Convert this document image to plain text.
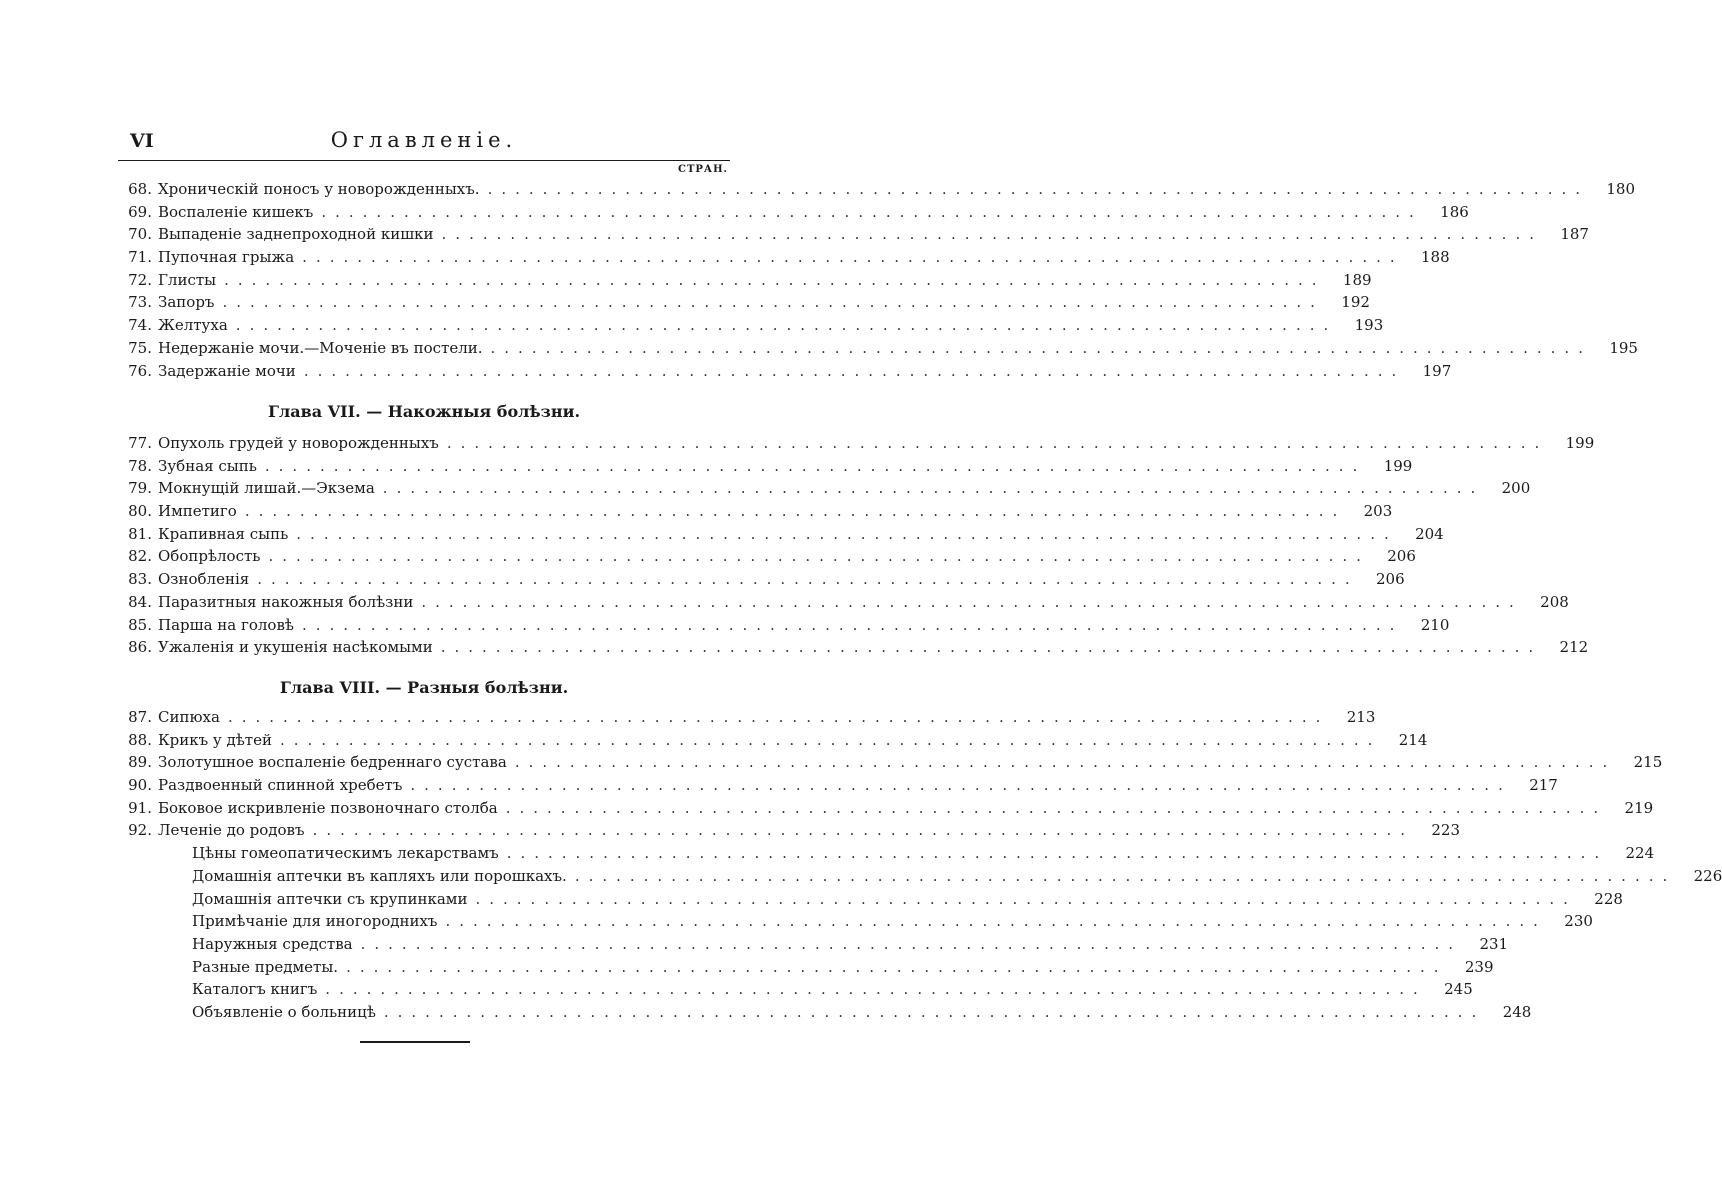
VI	Оглавленіе.
СТРАН.
68. Хроническій поносъ у новорожденныхъ. ................................................................................	180
69. Воспаленіе кишекъ ................................................................................	186
70. Выпаденіе заднепроходной кишки ................................................................................	187
71. Пупочная грыжа ................................................................................	188
72. Глисты ................................................................................	189
73. Запоръ ................................................................................	192
74. Желтуха ................................................................................	193
75. Недержаніе мочи.—Моченіе въ постели. ................................................................................	195
76. Задержаніе мочи ................................................................................	197
Глава VII. — Накожныя болѣзни.
77. Опухоль грудей у новорожденныхъ ................................................................................	199
78. Зубная сыпь ................................................................................	199
79. Мокнущій лишай.—Экзема ................................................................................	200
80. Импетиго ................................................................................	203
81. Крапивная сыпь ................................................................................	204
82. Обопрѣлость ................................................................................	206
83. Ознобленія ................................................................................	206
84. Паразитныя накожныя болѣзни ................................................................................	208
85. Парша на головѣ ................................................................................	210
86. Ужаленія и укушенія насѣкомыми ................................................................................	212
Глава VIII. — Разныя болѣзни.
87. Сипюха ................................................................................	213
88. Крикъ у дѣтей ................................................................................	214
89. Золотушное воспаленіе бедреннаго сустава ................................................................................	215
90. Раздвоенный спинной хребетъ ................................................................................	217
91. Боковое искривленіе позвоночнаго столба ................................................................................	219
92. Леченіе до родовъ ................................................................................	223
Цѣны гомеопатическимъ лекарствамъ ................................................................................	224
Домашнія аптечки въ капляхъ или порошкахъ. ................................................................................	226
Домашнія аптечки съ крупинками ................................................................................	228
Примѣчаніе для иногороднихъ ................................................................................	230
Наружныя средства ................................................................................	231
Разные предметы. ................................................................................	239
Каталогъ книгъ ................................................................................	245
Объявленіе о больницѣ ................................................................................	248
